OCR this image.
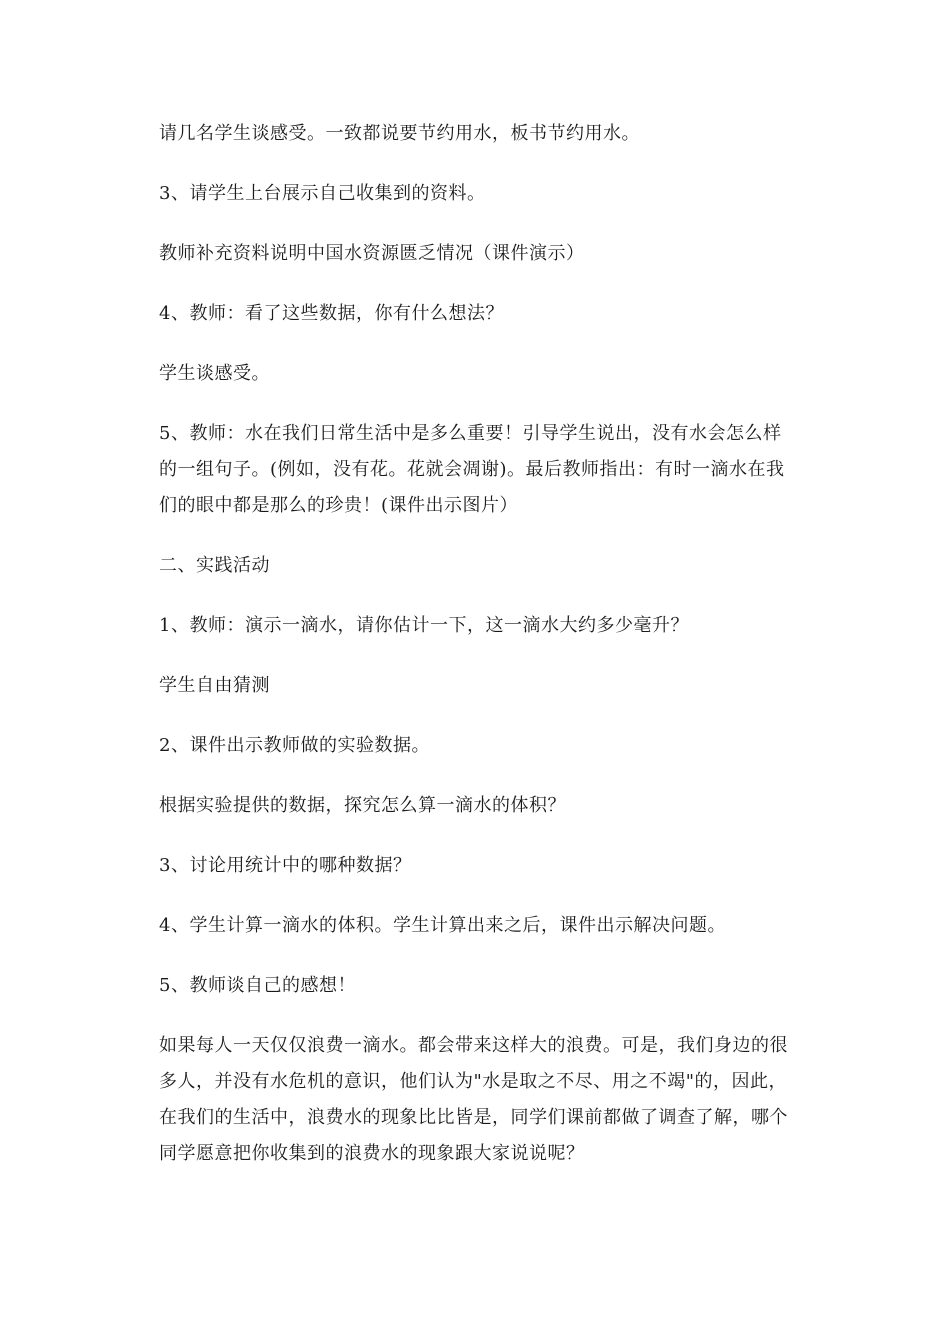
请几名学生谈感受。一致都说要节约用水，板书节约用水。

3、请学生上台展示自己收集到的资料。

教师补充资料说明中国水资源匮乏情况（课件演示）

4、教师：看了这些数据，你有什么想法？

学生谈感受。

5、教师：水在我们日常生活中是多么重要！引导学生说出，没有水会怎么样的一组句子。(例如，没有花。花就会凋谢)。最后教师指出：有时一滴水在我们的眼中都是那么的珍贵！(课件出示图片）

二、实践活动

1、教师：演示一滴水，请你估计一下，这一滴水大约多少毫升？

学生自由猜测

2、课件出示教师做的实验数据。

根据实验提供的数据，探究怎么算一滴水的体积？

3、讨论用统计中的哪种数据？

4、学生计算一滴水的体积。学生计算出来之后，课件出示解决问题。

5、教师谈自己的感想！

如果每人一天仅仅浪费一滴水。都会带来这样大的浪费。可是，我们身边的很多人，并没有水危机的意识，他们认为"水是取之不尽、用之不竭"的，因此，在我们的生活中，浪费水的现象比比皆是，同学们课前都做了调查了解，哪个同学愿意把你收集到的浪费水的现象跟大家说说呢？
